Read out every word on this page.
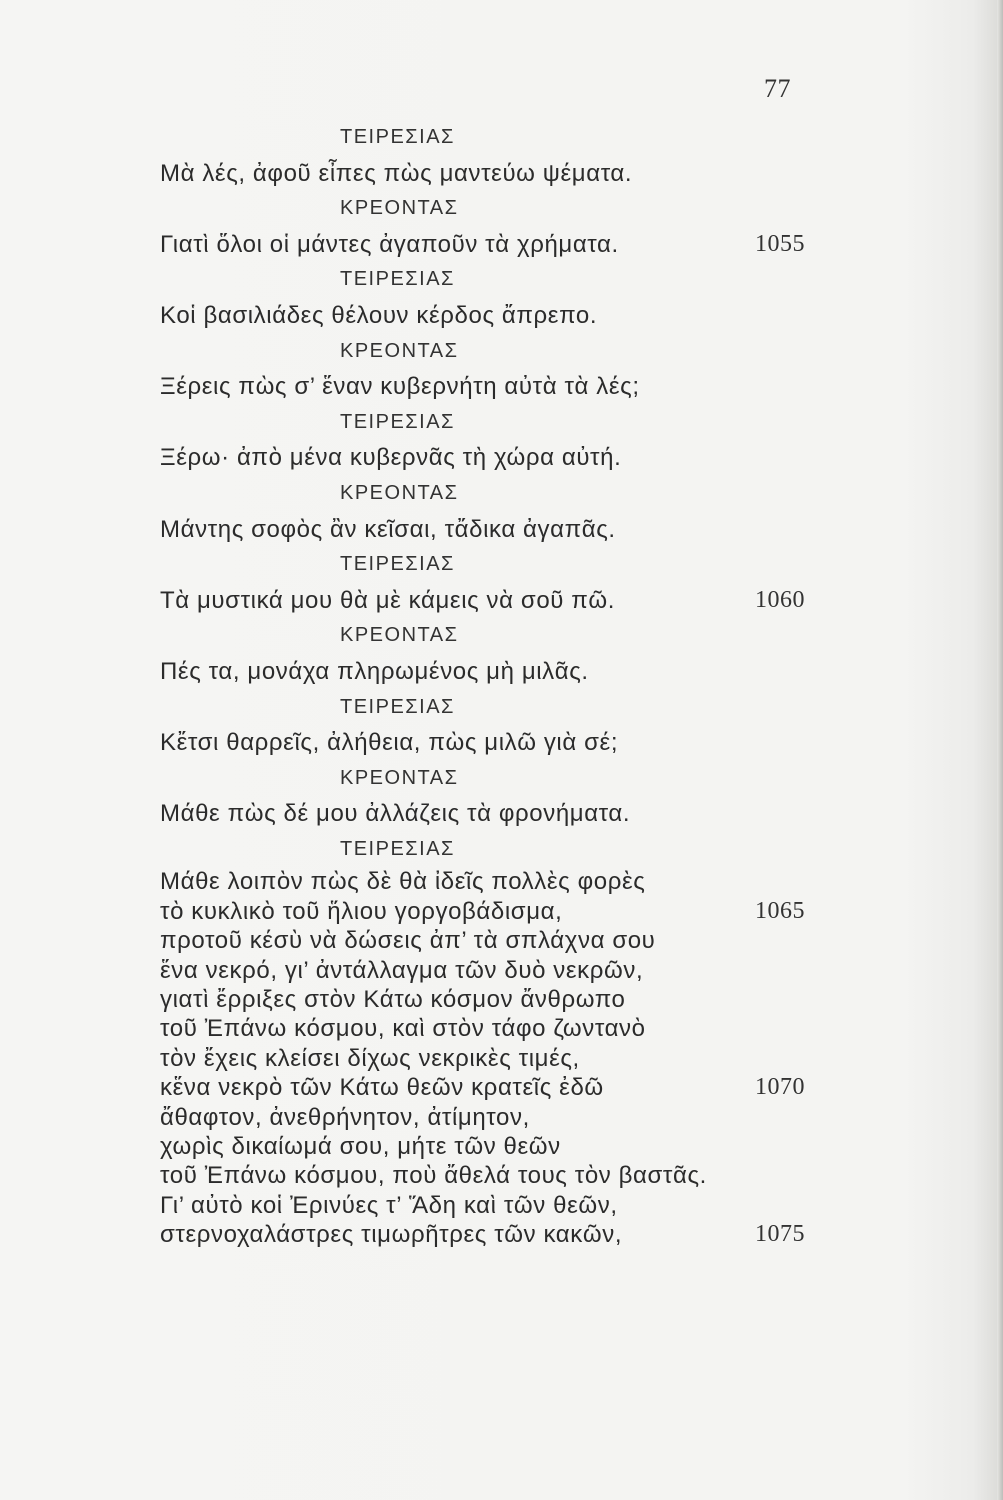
77
ΤΕΙΡΕΣΙΑΣ
Μὰ λές, ἀφοῦ εἶπες πὼς μαντεύω ψέματα.
ΚΡΕΟΝΤΑΣ
Γιατὶ ὅλοι οἱ μάντες ἀγαποῦν τὰ χρήματα.	1055
ΤΕΙΡΕΣΙΑΣ
Κοἱ βασιλιάδες θέλουν κέρδος ἄπρεπο.
ΚΡΕΟΝΤΑΣ
Ξέρεις πὼς σ’ ἕναν κυβερνήτη αὐτὰ τὰ λές;
ΤΕΙΡΕΣΙΑΣ
Ξέρω· ἀπὸ μένα κυβερνᾶς τὴ χώρα αὐτή.
ΚΡΕΟΝΤΑΣ
Μάντης σοφὸς ἂν κεῖσαι, τἄδικα ἀγαπᾶς.
ΤΕΙΡΕΣΙΑΣ
Τὰ μυστικά μου θὰ μὲ κάμεις νὰ σοῦ πῶ.	1060
ΚΡΕΟΝΤΑΣ
Πές τα, μονάχα πληρωμένος μὴ μιλᾶς.
ΤΕΙΡΕΣΙΑΣ
Κἔτσι θαρρεῖς, ἀλήθεια, πὼς μιλῶ γιὰ σέ;
ΚΡΕΟΝΤΑΣ
Μάθε πὼς δέ μου ἀλλάζεις τὰ φρονήματα.
ΤΕΙΡΕΣΙΑΣ
Μάθε λοιπὸν πὼς δὲ θὰ ἰδεῖς πολλὲς φορὲς
τὸ κυκλικὸ τοῦ ἥλιου γοργοβάδισμα,	1065
προτοῦ κέσὺ νὰ δώσεις ἀπ’ τὰ σπλάχνα σου
ἕνα νεκρό, γι’ ἀντάλλαγμα τῶν δυὸ νεκρῶν,
γιατὶ ἔρριξες στὸν Κάτω κόσμον ἄνθρωπο
τοῦ Ἐπάνω κόσμου, καὶ στὸν τάφο ζωντανὸ
τὸν ἔχεις κλείσει δίχως νεκρικὲς τιμές,
κἕνα νεκρὸ τῶν Κάτω θεῶν κρατεῖς ἐδῶ	1070
ἄθαφτον, ἀνεθρήνητον, ἀτίμητον,
χωρὶς δικαίωμά σου, μήτε τῶν θεῶν
τοῦ Ἐπάνω κόσμου, ποὺ ἄθελά τους τὸν βαστᾶς.
Γι’ αὐτὸ κοἱ Ἐρινύες τ’ Ἅδη καὶ τῶν θεῶν,
στερνοχαλάστρες τιμωρῆτρες τῶν κακῶν,	1075
